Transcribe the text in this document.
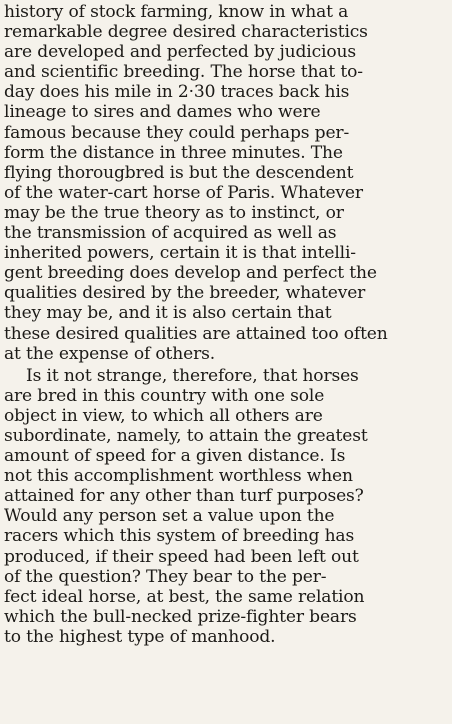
history of stock farming, know in what a
remarkable degree desired characteristics
are developed and perfected by judicious
and scientific breeding. The horse that to-
day does his mile in 2·30 traces back his
lineage to sires and dames who were
famous because they could perhaps per-
form the distance in three minutes. The
flying thorougbred is but the descendent
of the water-cart horse of Paris. Whatever
may be the true theory as to instinct, or
the transmission of acquired as well as
inherited powers, certain it is that intelli-
gent breeding does develop and perfect the
qualities desired by the breeder, whatever
they may be, and it is also certain that
these desired qualities are attained too often
at the expense of others.
Is it not strange, therefore, that horses
are bred in this country with one sole
object in view, to which all others are
subordinate, namely, to attain the greatest
amount of speed for a given distance. Is
not this accomplishment worthless when
attained for any other than turf purposes?
Would any person set a value upon the
racers which this system of breeding has
produced, if their speed had been left out
of the question? They bear to the per-
fect ideal horse, at best, the same relation
which the bull-necked prize-fighter bears
to the highest type of manhood.
